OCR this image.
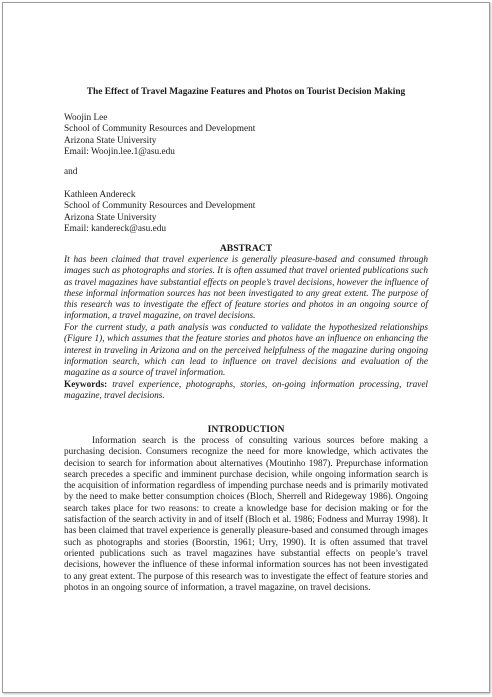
The Effect of Travel Magazine Features and Photos on Tourist Decision Making
Woojin Lee
School of Community Resources and Development
Arizona State University
Email: Woojin.lee.1@asu.edu
and
Kathleen Andereck
School of Community Resources and Development
Arizona State University
Email: kandereck@asu.edu
ABSTRACT
It has been claimed that travel experience is generally pleasure-based and consumed through images such as photographs and stories. It is often assumed that travel oriented publications such as travel magazines have substantial effects on people’s travel decisions, however the influence of these informal information sources has not been investigated to any great extent. The purpose of this research was to investigate the effect of feature stories and photos in an ongoing source of information, a travel magazine, on travel decisions.
For the current study, a path analysis was conducted to validate the hypothesized relationships (Figure 1), which assumes that the feature stories and photos have an influence on enhancing the interest in traveling in Arizona and on the perceived helpfulness of the magazine during ongoing information search, which can lead to influence on travel decisions and evaluation of the magazine as a source of travel information.
Keywords: travel experience, photographs, stories, on-going information processing, travel magazine, travel decisions.
INTRODUCTION
Information search is the process of consulting various sources before making a purchasing decision. Consumers recognize the need for more knowledge, which activates the decision to search for information about alternatives (Moutinho 1987). Prepurchase information search precedes a specific and imminent purchase decision, while ongoing information search is the acquisition of information regardless of impending purchase needs and is primarily motivated by the need to make better consumption choices (Bloch, Sherrell and Ridegeway 1986). Ongoing search takes place for two reasons: to create a knowledge base for decision making or for the satisfaction of the search activity in and of itself (Bloch et al. 1986; Fodness and Murray 1998). It has been claimed that travel experience is generally pleasure-based and consumed through images such as photographs and stories (Boorstin, 1961; Urry, 1990). It is often assumed that travel oriented publications such as travel magazines have substantial effects on people’s travel decisions, however the influence of these informal information sources has not been investigated to any great extent. The purpose of this research was to investigate the effect of feature stories and photos in an ongoing source of information, a travel magazine, on travel decisions.
